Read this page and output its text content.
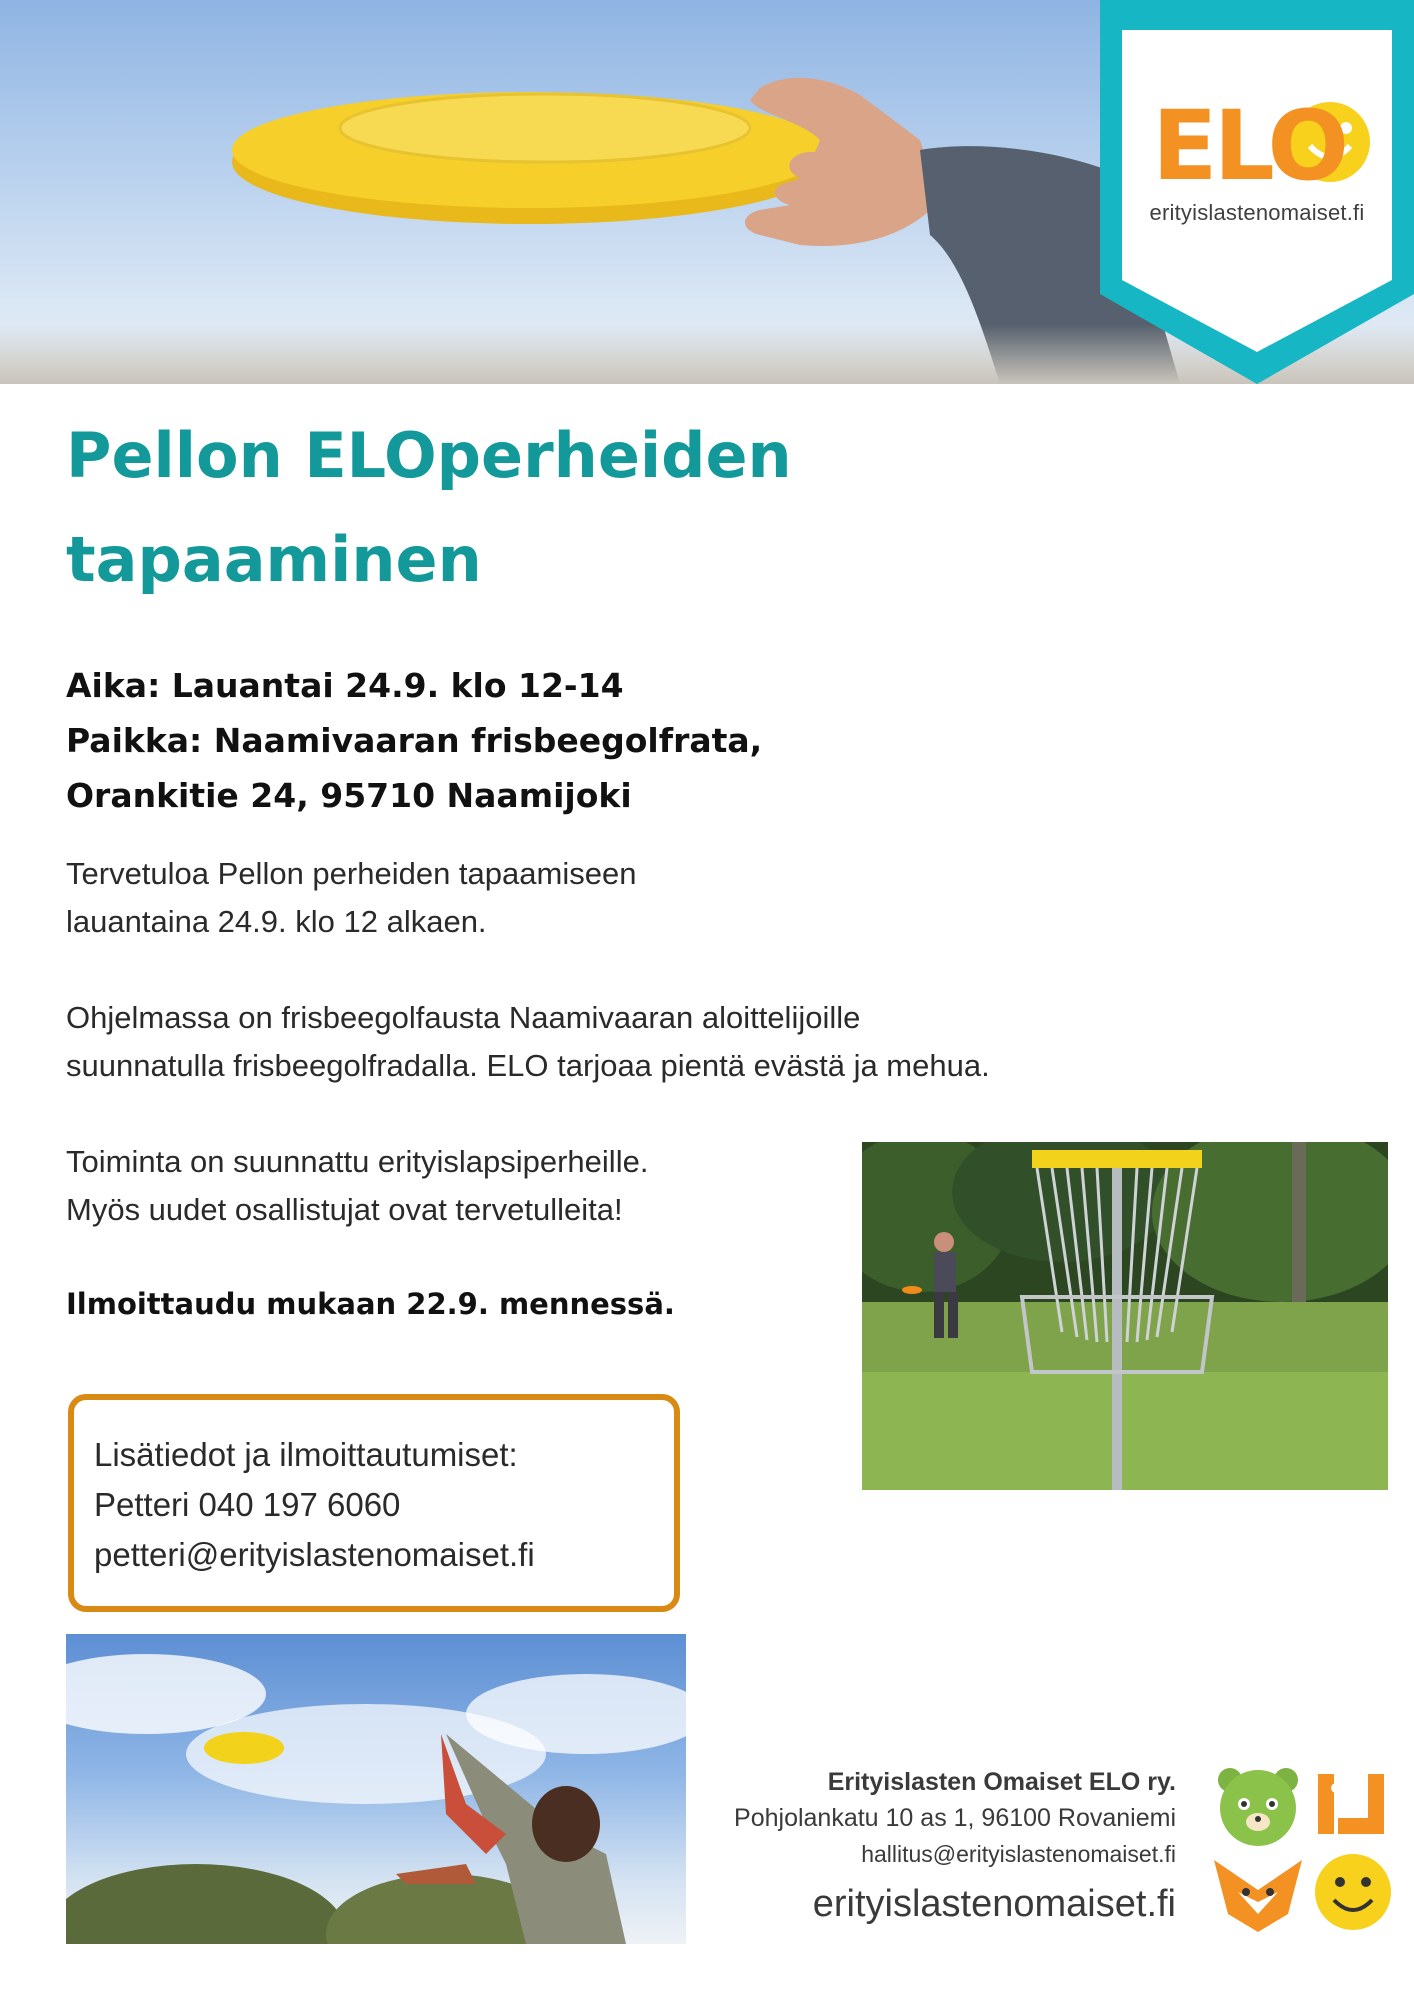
ELO
erityislastenomaiset.fi
Pellon ELOperheiden
tapaaminen
Aika: Lauantai 24.9. klo 12-14
Paikka: Naamivaaran frisbeegolfrata,
Orankitie 24, 95710 Naamijoki
Tervetuloa Pellon perheiden tapaamiseen
lauantaina 24.9. klo 12 alkaen.
Ohjelmassa on frisbeegolfausta Naamivaaran aloittelijoille
suunnatulla frisbeegolfradalla. ELO tarjoaa pientä evästä ja mehua.
Toiminta on suunnattu erityislapsiperheille.
Myös uudet osallistujat ovat tervetulleita!
Ilmoittaudu mukaan 22.9. mennessä.
Lisätiedot ja ilmoittautumiset:
Petteri 040 197 6060
petteri@erityislastenomaiset.fi
Erityislasten Omaiset ELO ry.
Pohjolankatu 10 as 1, 96100 Rovaniemi
hallitus@erityislastenomaiset.fi
erityislastenomaiset.fi
